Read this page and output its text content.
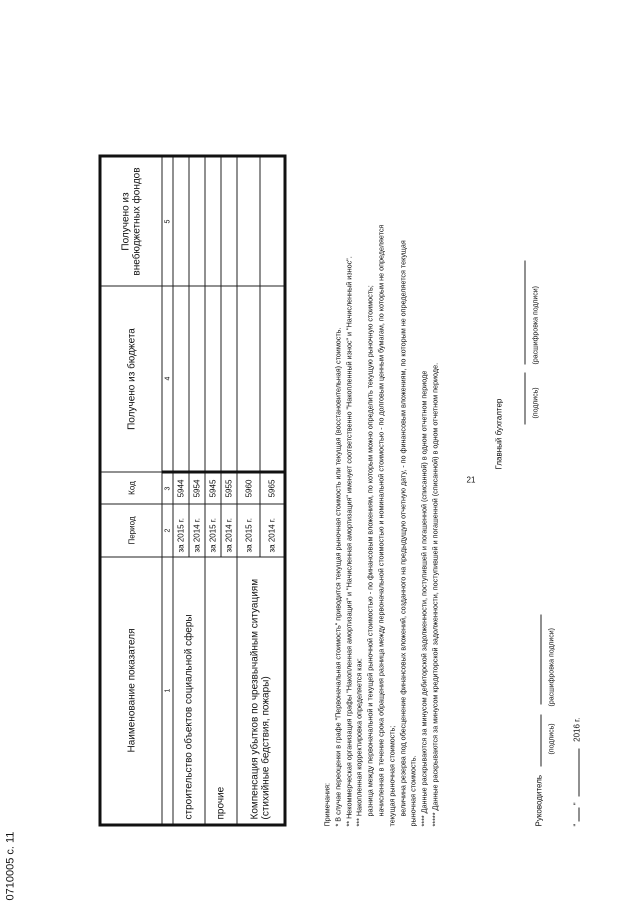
0710005 с. 11
21
Наименование показателя	Период	Код	Получено из бюджета	Получено из внебюджетных фондов
1	2	3	4	5
строительство объектов социальной сферы	за 2015 г.	5944		
	за 2014 г.	5954		
прочие	за 2015 г.	5945		
	за 2014 г.	5955		
Компенсация убытков по чрезвычайным ситуациям (стихийные бедствия, пожары)	за 2015 г.	5960		
	за 2014 г.	5965		
Примечания: * В случае переоценки в графе "Первоначальная стоимость" приводится текущая рыночная стоимость или текущая (восстановительная) стоимость. ** Некоммерческая организация графы "Накопленная амортизация" и "Начисленная амортизация" именует соответственно "Накопленный износ" и "Начисленный износ". *** Накопленная корректировка определяется как: разница между первоначальной и текущей рыночной стоимостью - по финансовым вложениям, по которым можно определить текущую рыночную стоимость; начисленная в течение срока обращения разница между первоначальной стоимостью и номинальной стоимостью - по долговым ценным бумагам, по которым не определяется текущая рыночная стоимость; величина резерва под обесценение финансовых вложений, созданного на предыдущую отчетную дату, - по финансовым вложениям, по которым не определяется текущая рыночная стоимость. **** Данные раскрываются за минусом дебиторской задолженности, поступившей и погашенной (списанной) в одном отчетном периоде ***** Данные раскрываются за минусом кредиторской задолженности, поступившей и погашенной (списанной) в одном отчетном периоде.	Руководитель
(подпись)
(расшифровка подписи)
Главный бухгалтер
	(подпись)
(расшифровка подписи)
"  "  2016 г.
